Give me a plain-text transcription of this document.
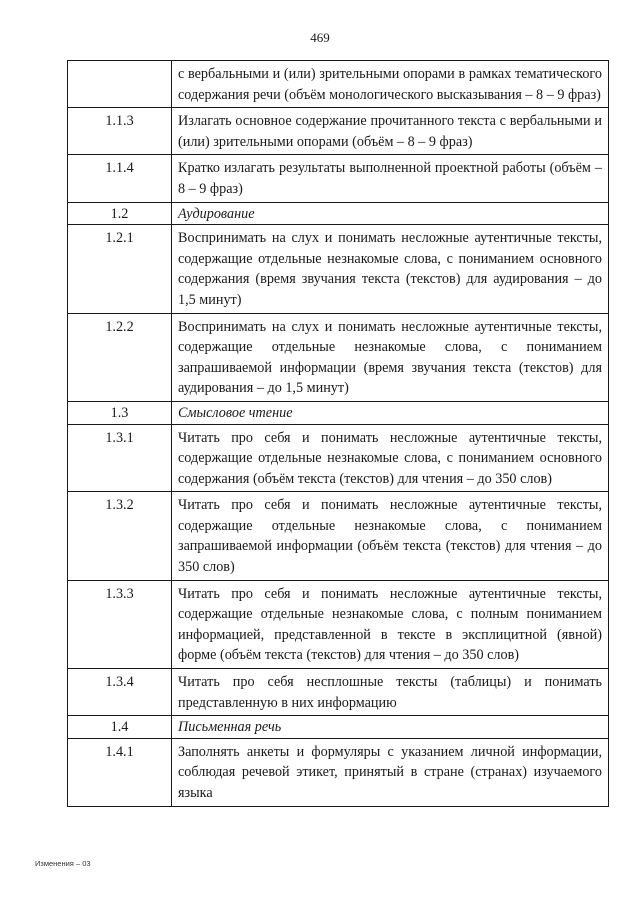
469
	с вербальными и (или) зрительными опорами в рамках тематического содержания речи (объём монологического высказывания – 8 – 9 фраз)
1.1.3	Излагать основное содержание прочитанного текста с вербальными и (или) зрительными опорами (объём – 8 – 9 фраз)
1.1.4	Кратко излагать результаты выполненной проектной работы (объём – 8 – 9 фраз)
1.2	Аудирование
1.2.1	Воспринимать на слух и понимать несложные аутентичные тексты, содержащие отдельные незнакомые слова, с пониманием основного содержания (время звучания текста (текстов) для аудирования – до 1,5 минут)
1.2.2	Воспринимать на слух и понимать несложные аутентичные тексты, содержащие отдельные незнакомые слова, с пониманием запрашиваемой информации (время звучания текста (текстов) для аудирования – до 1,5 минут)
1.3	Смысловое чтение
1.3.1	Читать про себя и понимать несложные аутентичные тексты, содержащие отдельные незнакомые слова, с пониманием основного содержания (объём текста (текстов) для чтения – до 350 слов)
1.3.2	Читать про себя и понимать несложные аутентичные тексты, содержащие отдельные незнакомые слова, с пониманием запрашиваемой информации (объём текста (текстов) для чтения – до 350 слов)
1.3.3	Читать про себя и понимать несложные аутентичные тексты, содержащие отдельные незнакомые слова, с полным пониманием информацией, представленной в тексте в эксплицитной (явной) форме (объём текста (текстов) для чтения – до 350 слов)
1.3.4	Читать про себя несплошные тексты (таблицы) и понимать представленную в них информацию
1.4	Письменная речь
1.4.1	Заполнять анкеты и формуляры с указанием личной информации, соблюдая речевой этикет, принятый в стране (странах) изучаемого языка
Изменения – 03
